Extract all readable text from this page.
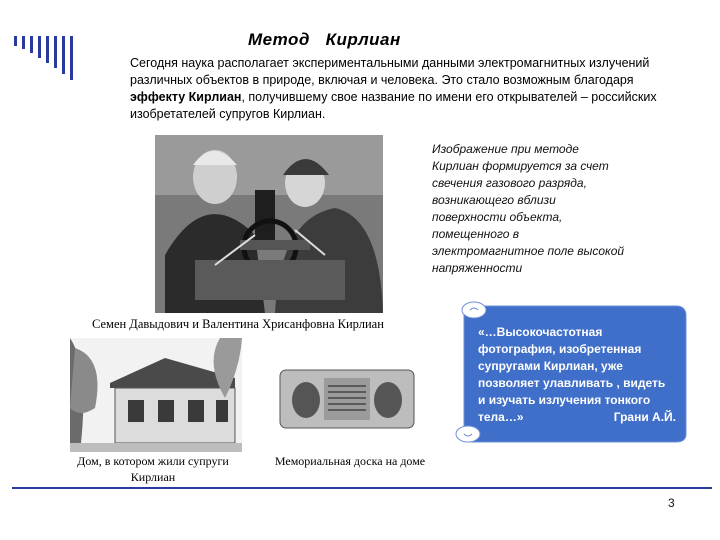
Метод   Кирлиан
Сегодня наука располагает экспериментальными данными электромагнитных излучений различных объектов в природе, включая и человека. Это стало возможным благодаря эффекту Кирлиан, получившему свое название по имени его открывателей – российских изобретателей супругов Кирлиан.
Изображение при методе Кирлиан формируется за счет свечения газового разряда, возникающего вблизи поверхности объекта, помещенного в электромагнитное поле высокой напряженности
Семен Давыдович и Валентина Хрисанфовна Кирлиан
Дом, в котором жили супруги Кирлиан
Мемориальная доска на доме
«…Высокочастотная фотография, изобретенная супругами Кирлиан, уже позволяет улавливать , видеть и изучать излучения тонкого тела…»	Грани А.Й.
3
